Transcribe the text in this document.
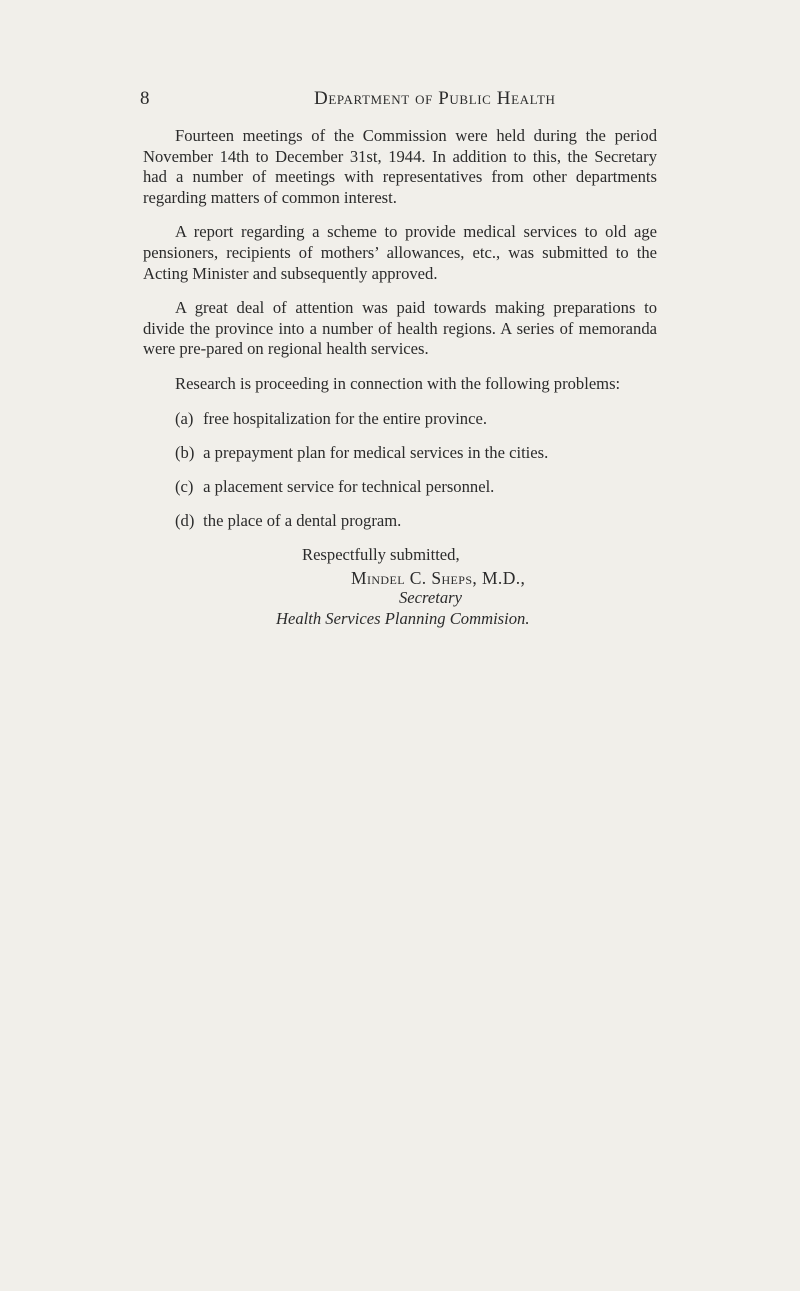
8	Department of Public Health

Fourteen meetings of the Commission were held during the period November 14th to December 31st, 1944. In addition to this, the Secretary had a number of meetings with representatives from other departments regarding matters of common interest.

A report regarding a scheme to provide medical services to old age pensioners, recipients of mothers’ allowances, etc., was submitted to the Acting Minister and subsequently approved.

A great deal of attention was paid towards making preparations to divide the province into a number of health regions. A series of memoranda were pre-pared on regional health services.

Research is proceeding in connection with the following problems:

(a) free hospitalization for the entire province.
(b) a prepayment plan for medical services in the cities.
(c) a placement service for technical personnel.
(d) the place of a dental program.

Respectfully submitted,

Mindel C. Sheps, M.D.,

Secretary

Health Services Planning Commision.
